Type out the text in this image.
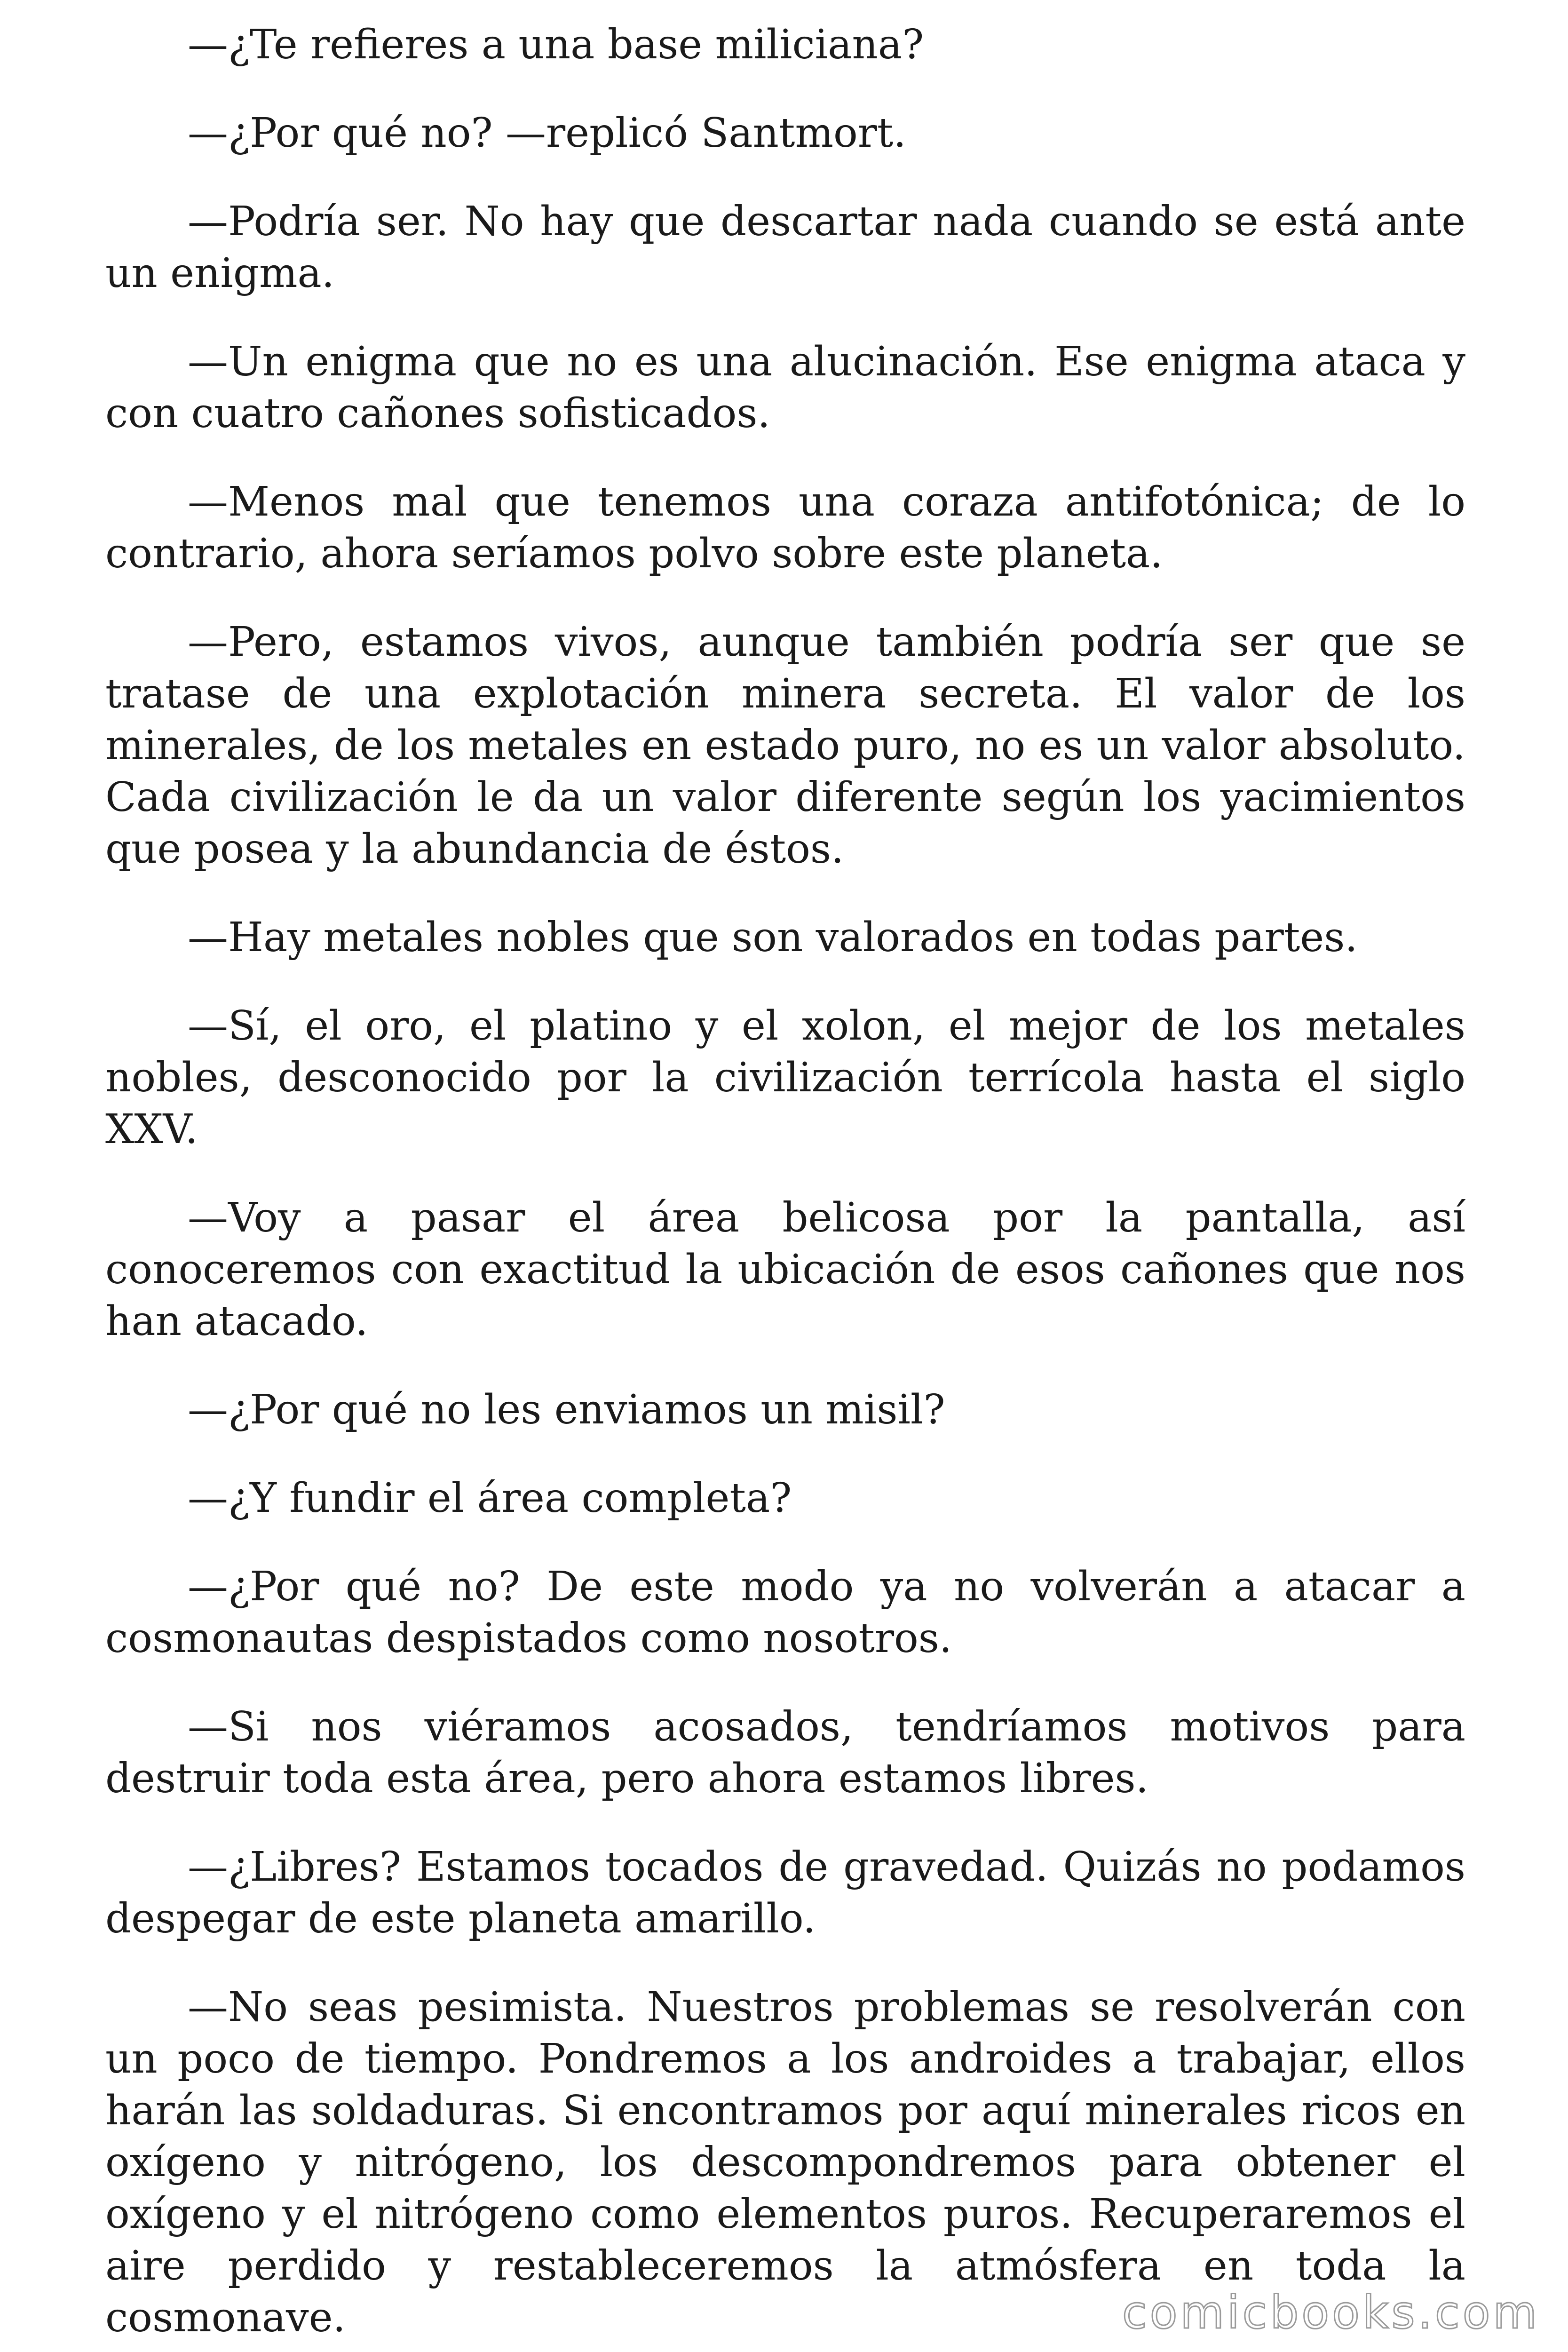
—¿Te refieres a una base miliciana?

—¿Por qué no? —replicó Santmort.

—Podría ser. No hay que descartar nada cuando se está ante un enigma.

—Un enigma que no es una alucinación. Ese enigma ataca y con cuatro cañones sofisticados.

—Menos mal que tenemos una coraza antifotónica; de lo contrario, ahora seríamos polvo sobre este planeta.

—Pero, estamos vivos, aunque también podría ser que se tratase de una explotación minera secreta. El valor de los minerales, de los metales en estado puro, no es un valor absoluto. Cada civilización le da un valor diferente según los yacimientos que posea y la abundancia de éstos.

—Hay metales nobles que son valorados en todas partes.

—Sí, el oro, el platino y el xolon, el mejor de los metales nobles, desconocido por la civilización terrícola hasta el siglo XXV.

—Voy a pasar el área belicosa por la pantalla, así conoceremos con exactitud la ubicación de esos cañones que nos han atacado.

—¿Por qué no les enviamos un misil?

—¿Y fundir el área completa?

—¿Por qué no? De este modo ya no volverán a atacar a cosmonautas despistados como nosotros.

—Si nos viéramos acosados, tendríamos motivos para destruir toda esta área, pero ahora estamos libres.

—¿Libres? Estamos tocados de gravedad. Quizás no podamos despegar de este planeta amarillo.

—No seas pesimista. Nuestros problemas se resolverán con un poco de tiempo. Pondremos a los androides a trabajar, ellos harán las soldaduras. Si encontramos por aquí minerales ricos en oxígeno y nitrógeno, los descompondremos para obtener el oxígeno y el nitrógeno como elementos puros. Recuperaremos el aire perdido y restableceremos la atmósfera en toda la cosmonave.	comicbooks.com
